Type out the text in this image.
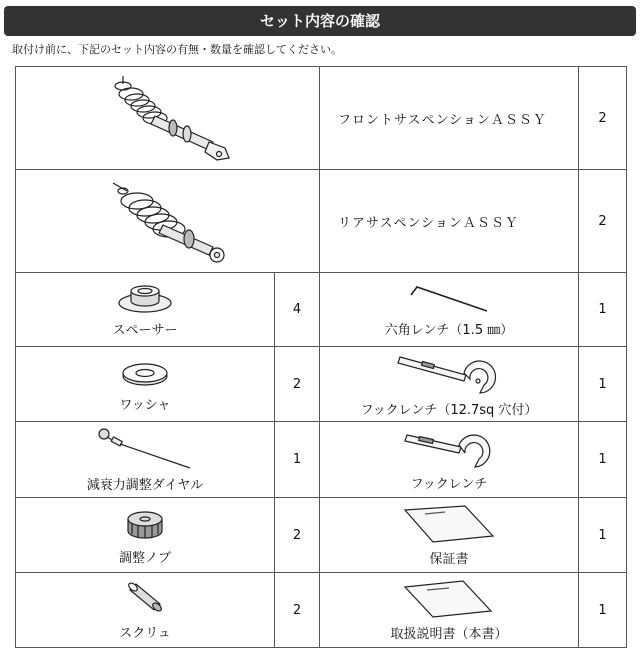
セット内容の確認
取付け前に、下記のセット内容の有無・数量を確認してください。
	フロントサスペンションＡＳＳＹ	2

	リアサスペンションＡＳＳＹ	2

スペーサー	4	六角レンチ（1.5 ㎜）	1

ワッシャ	2	フックレンチ（12.7sq 穴付）	1

減衰力調整ダイヤル	1	フックレンチ	1

調整ノブ	2	保証書	1

スクリュ	2	取扱説明書（本書）	1
